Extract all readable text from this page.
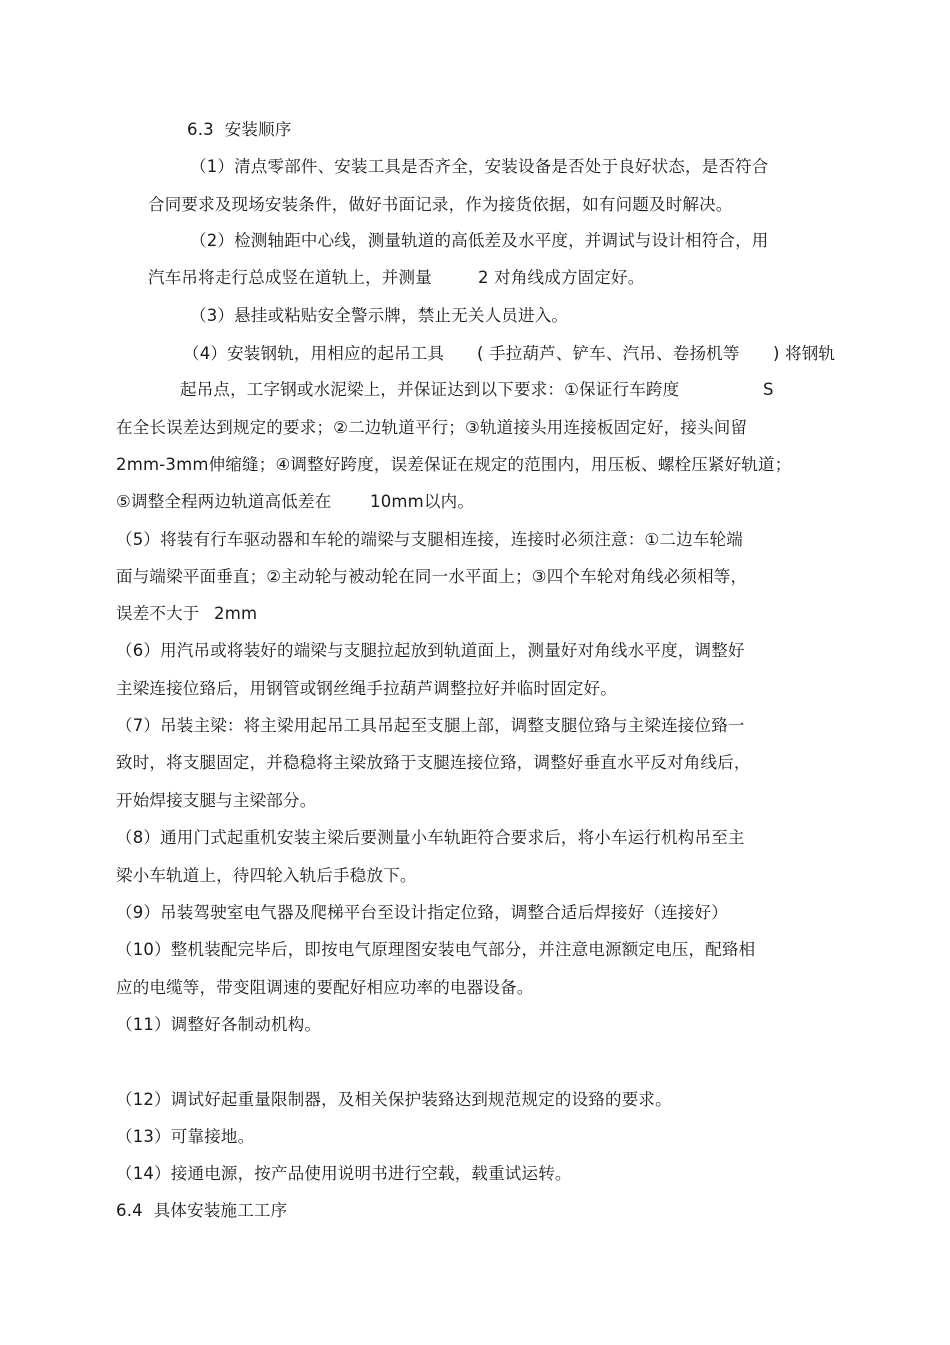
6.3  安装顺序
（1）清点零部件、安装工具是否齐全，安装设备是否处于良好状态，是否符合
合同要求及现场安装条件，做好书面记录，作为接货依据，如有问题及时解决。
（2）检测轴距中心线，测量轨道的高低差及水平度，并调试与设计相符合，用
汽车吊将走行总成竖在道轨上，并测量	2 对角线成方固定好。
（3）悬挂或粘贴安全警示牌，禁止无关人员进入。
（4）安装钢轨，用相应的起吊工具 ( 手拉葫芦、铲车、汽吊、卷扬机等 ) 将钢轨
起吊点，工字钢或水泥梁上，并保证达到以下要求：①保证行车跨度	S
在全长误差达到规定的要求；②二边轨道平行；③轨道接头用连接板固定好，接头间留
2mm-3mm伸缩缝；④调整好跨度，误差保证在规定的范围内，用压板、螺栓压紧好轨道；
⑤调整全程两边轨道高低差在 10mm以内。
（5）将装有行车驱动器和车轮的端梁与支腿相连接，连接时必须注意：①二边车轮端
面与端梁平面垂直；②主动轮与被动轮在同一水平面上；③四个车轮对角线必须相等，
误差不大于 2mm
（6）用汽吊或将装好的端梁与支腿拉起放到轨道面上，测量好对角线水平度，调整好
主梁连接位臵后，用钢管或钢丝绳手拉葫芦调整拉好并临时固定好。
（7）吊装主梁：将主梁用起吊工具吊起至支腿上部，调整支腿位臵与主梁连接位臵一
致时，将支腿固定，并稳稳将主梁放臵于支腿连接位臵，调整好垂直水平反对角线后，
开始焊接支腿与主梁部分。
（8）通用门式起重机安装主梁后要测量小车轨距符合要求后，将小车运行机构吊至主
梁小车轨道上，待四轮入轨后手稳放下。
（9）吊装驾驶室电气器及爬梯平台至设计指定位臵，调整合适后焊接好（连接好）
（10）整机装配完毕后，即按电气原理图安装电气部分，并注意电源额定电压，配臵相
应的电缆等，带变阻调速的要配好相应功率的电器设备。
（11）调整好各制动机构。
（12）调试好起重量限制器，及相关保护装臵达到规范规定的设臵的要求。
（13）可靠接地。
（14）接通电源，按产品使用说明书进行空载，载重试运转。
6.4  具体安装施工工序
